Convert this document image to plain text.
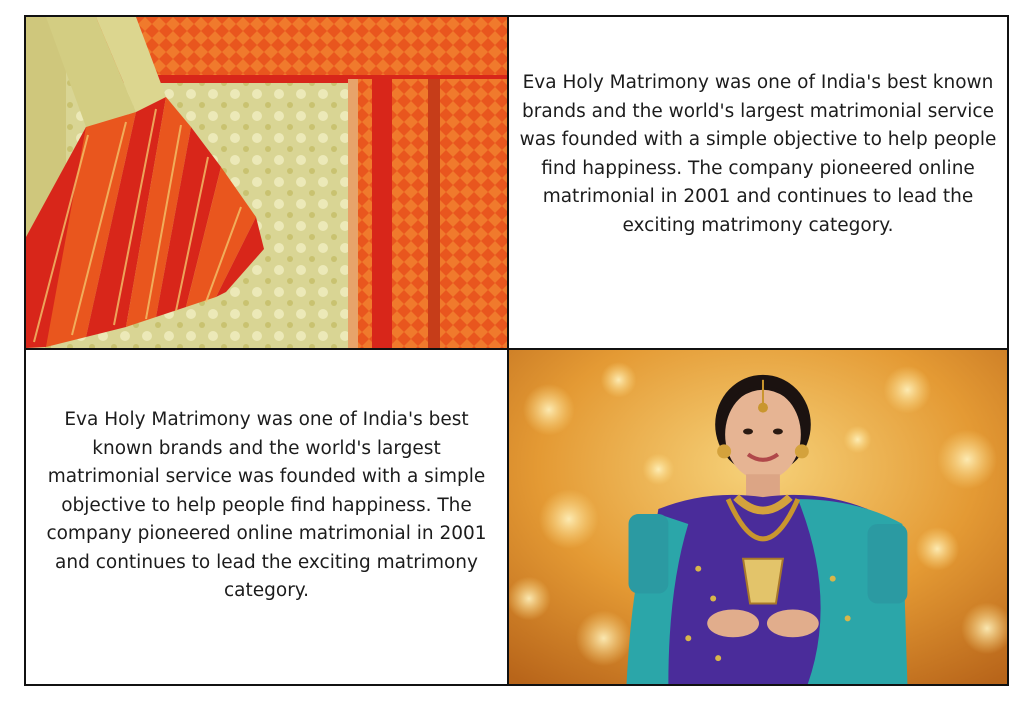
Eva Holy Matrimony was one of India's best known brands and the world's largest matrimonial service was founded with a simple objective to help people find happiness. The company pioneered online matrimonial in 2001 and continues to lead the exciting matrimony category.

Eva Holy Matrimony was one of India's best known brands and the world's largest matrimonial service was founded with a simple objective to help people find happiness. The company pioneered online matrimonial in 2001 and continues to lead the exciting matrimony category.
